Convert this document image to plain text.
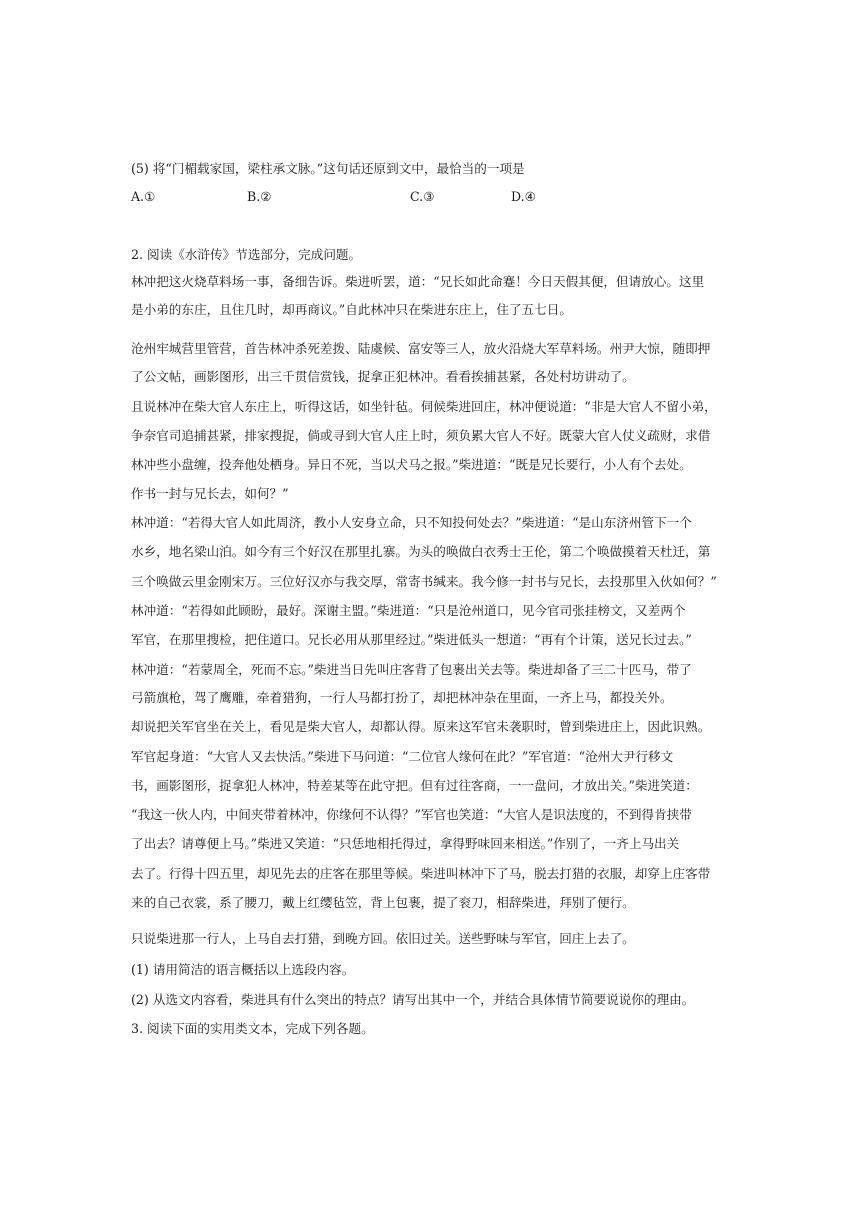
(5) 将“门楣载家国，梁柱承文脉。”这句话还原到文中，最恰当的一项是
A.①	B.②	C.③	D.④
2. 阅读《水浒传》节选部分，完成问题。
林冲把这火烧草料场一事，备细告诉。柴进听罢，道：“兄长如此命蹇！今日天假其便，但请放心。这里
是小弟的东庄，且住几时，却再商议。”自此林冲只在柴进东庄上，住了五七日。
沧州牢城营里管营，首告林冲杀死差拨、陆虞候、富安等三人，放火沿烧大军草料场。州尹大惊，随即押
了公文帖，画影图形，出三千贯信赏钱，捉拿正犯林冲。看看挨捕甚紧，各处村坊讲动了。
且说林冲在柴大官人东庄上，听得这话，如坐针毡。伺候柴进回庄，林冲便说道：“非是大官人不留小弟，
争奈官司追捕甚紧，排家搜捉，倘或寻到大官人庄上时，须负累大官人不好。既蒙大官人仗义疏财，求借
林冲些小盘缠，投奔他处栖身。异日不死，当以犬马之报。”柴进道：“既是兄长要行，小人有个去处。
作书一封与兄长去，如何？”
林冲道：“若得大官人如此周济，教小人安身立命，只不知投何处去？”柴进道：“是山东济州管下一个
水乡，地名梁山泊。如今有三个好汉在那里扎寨。为头的唤做白衣秀士王伦，第二个唤做摸着天杜迁，第
三个唤做云里金刚宋万。三位好汉亦与我交厚，常寄书缄来。我今修一封书与兄长，去投那里入伙如何？”
林冲道：“若得如此顾盼，最好。深谢主盟。”柴进道：“只是沧州道口，见今官司张挂榜文，又差两个
军官，在那里搜检，把住道口。兄长必用从那里经过。”柴进低头一想道：“再有个计策，送兄长过去。”
林冲道：“若蒙周全，死而不忘。”柴进当日先叫庄客背了包裹出关去等。柴进却备了三二十匹马，带了
弓箭旗枪，驾了鹰雕，牵着猎狗，一行人马都打扮了，却把林冲杂在里面，一齐上马，都投关外。
却说把关军官坐在关上，看见是柴大官人，却都认得。原来这军官未袭职时，曾到柴进庄上，因此识熟。
军官起身道：“大官人又去快活。”柴进下马问道：“二位官人缘何在此？”军官道：“沧州大尹行移文
书，画影图形，捉拿犯人林冲，特差某等在此守把。但有过往客商，一一盘问，才放出关。”柴进笑道：
“我这一伙人内，中间夹带着林冲，你缘何不认得？”军官也笑道：“大官人是识法度的，不到得肯挟带
了出去？请尊便上马。”柴进又笑道：“只恁地相托得过，拿得野味回来相送。”作别了，一齐上马出关
去了。行得十四五里，却见先去的庄客在那里等候。柴进叫林冲下了马，脱去打猎的衣服，却穿上庄客带
来的自己衣裳，系了腰刀，戴上红缨毡笠，背上包裹，提了衮刀，相辞柴进，拜别了便行。
只说柴进那一行人，上马自去打猎，到晚方回。依旧过关。送些野味与军官，回庄上去了。
(1) 请用简洁的语言概括以上选段内容。
(2) 从选文内容看，柴进具有什么突出的特点？请写出其中一个，并结合具体情节简要说说你的理由。
3. 阅读下面的实用类文本，完成下列各题。
